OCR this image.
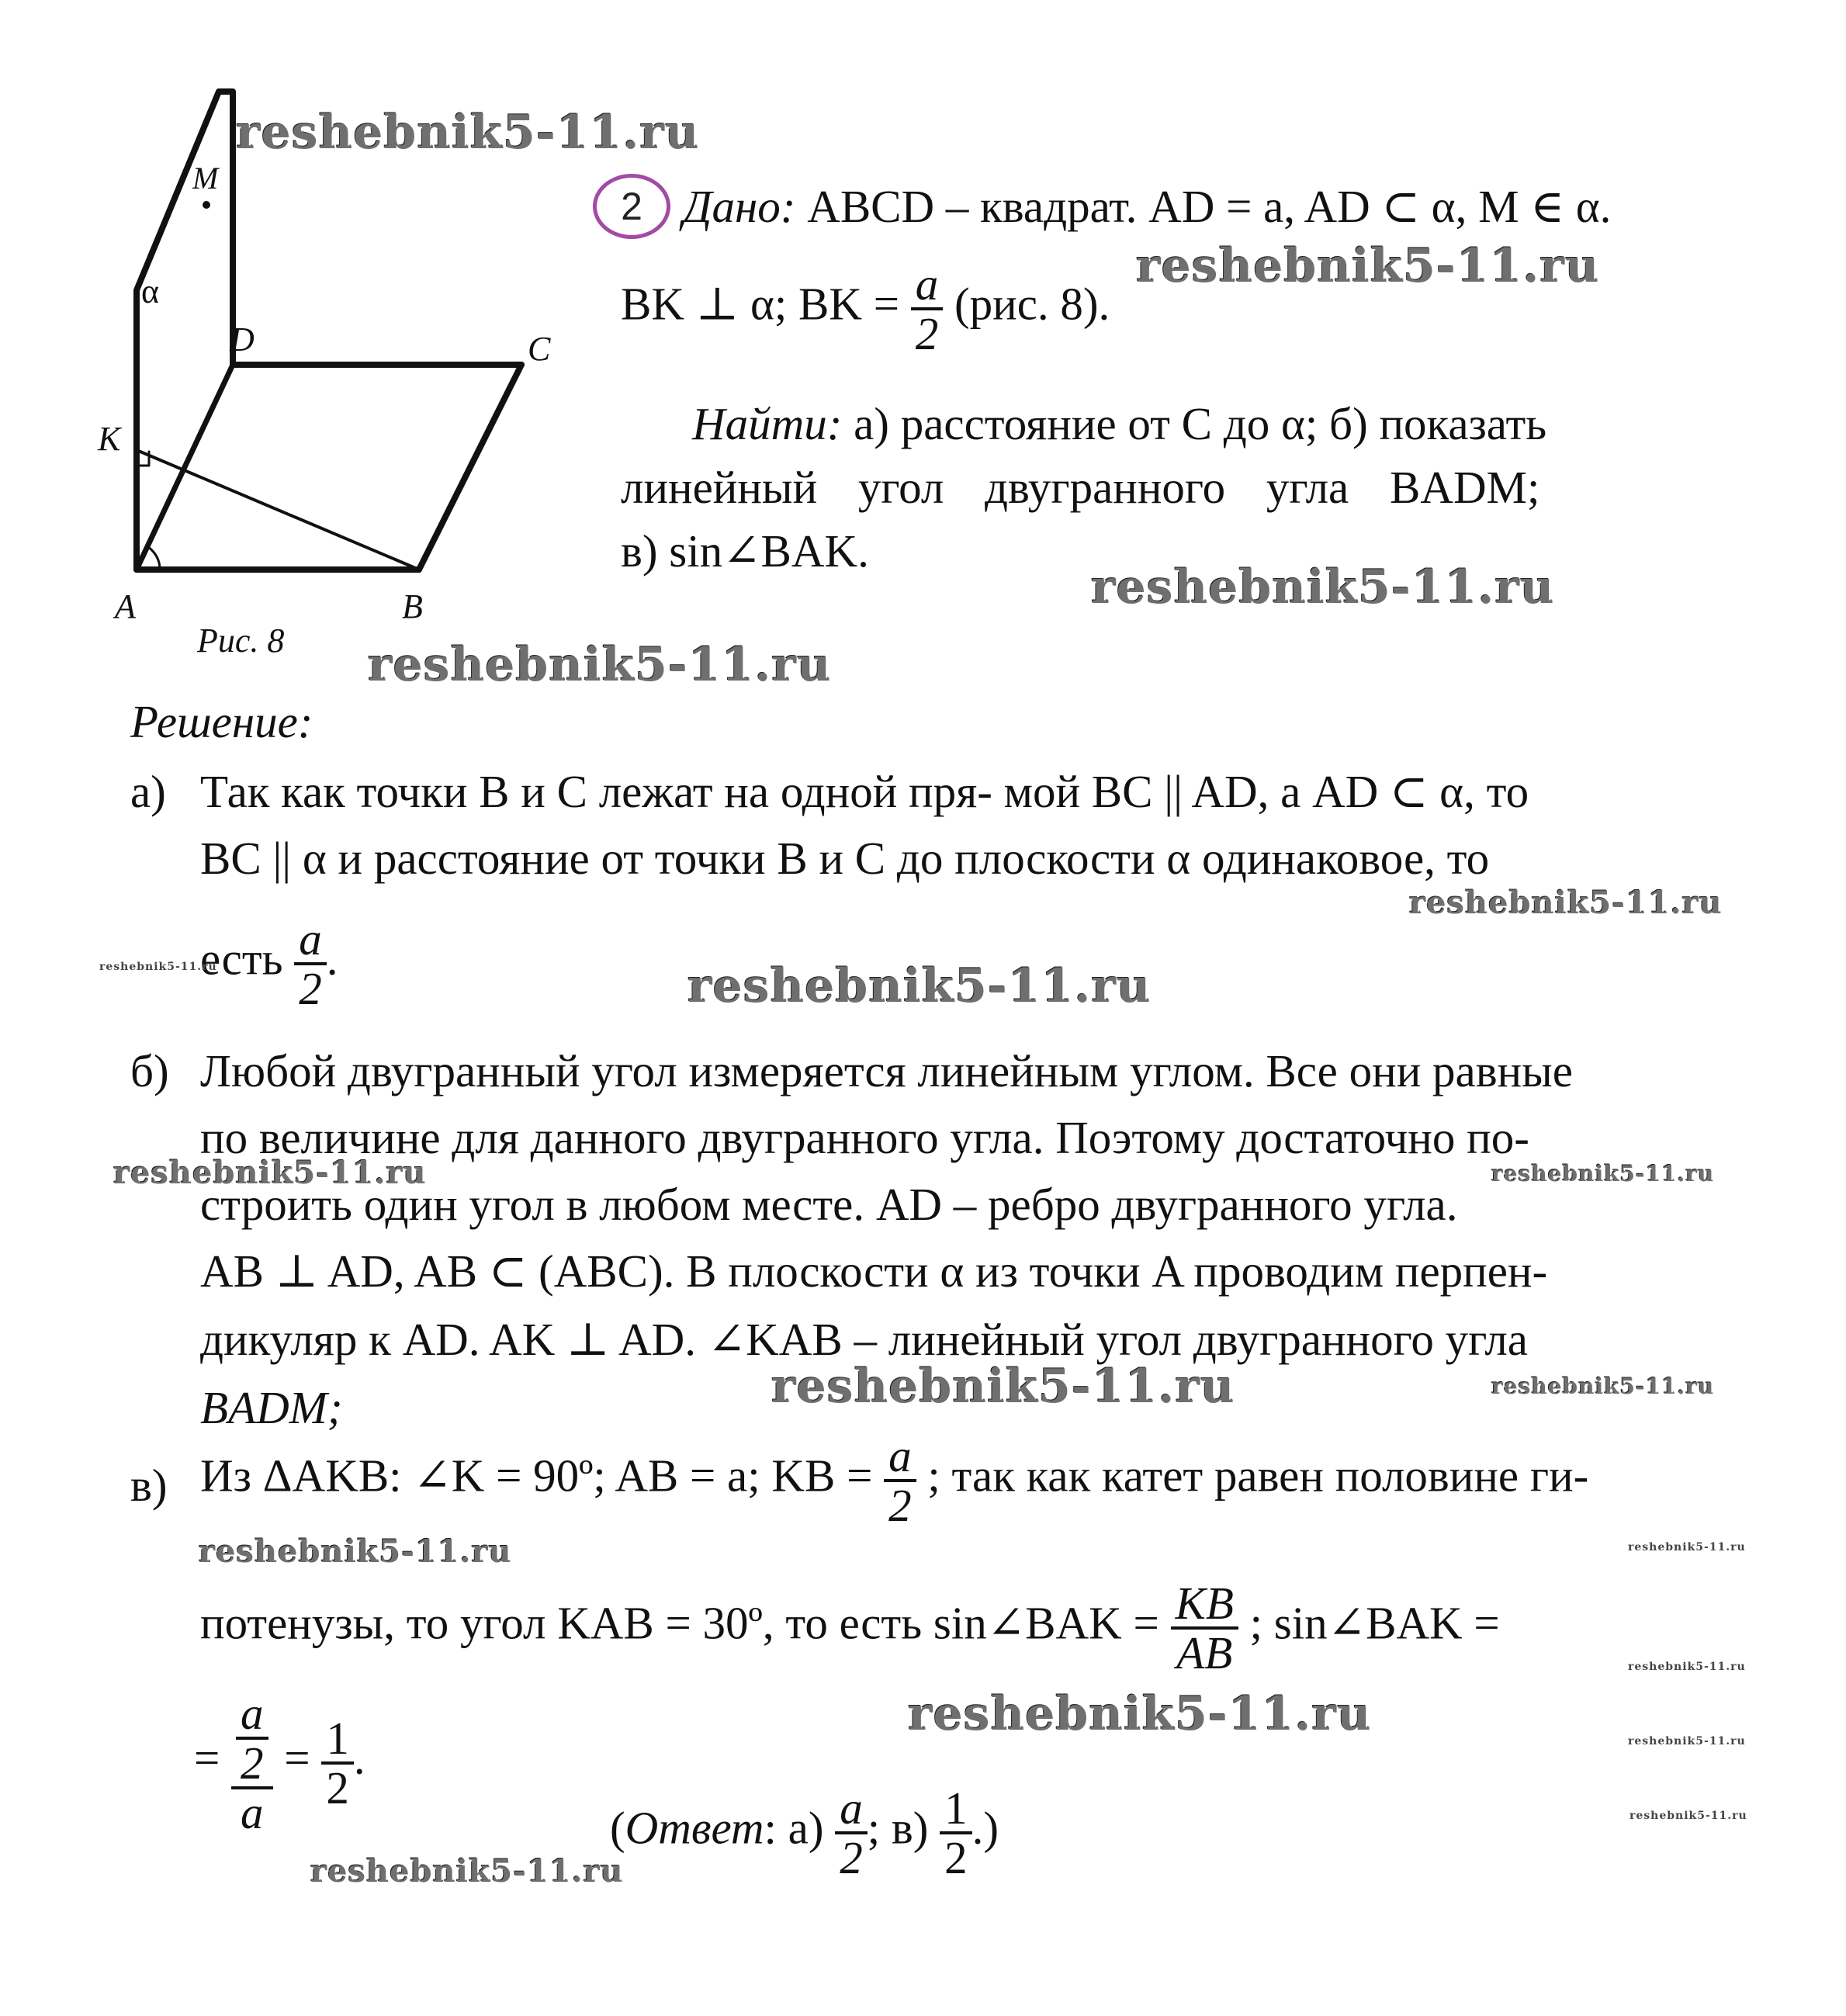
M
α
D	C
K
A	B
Рис. 8
2 Дано: ABCD – квадрат. AD = a, AD ⊂ α, M ∈ α.
BK ⊥ α; BK = $\frac{a}{2} (рис$. 8).
Найти: а) расстояние от C до α; б) показать
линейный угол двугранного угла BADM;
в) sin∠BAK.
Решение:
а) Так как точки B и C лежат на одной пря- мой BC || AD, а AD ⊂ α, то
BC || α и расстояние от точки B и C до плоскости α одинаковое, то
есть $\frac{a}{2}$ .
б) Любой двугранный угол измеряется линейным углом. Все они равные
по величине для данного двугранного угла. Поэтому достаточно по-
строить один угол в любом месте. AD – ребро двугранного угла.
AB ⊥ AD, AB ⊂ (ABC). В плоскости α из точки A проводим перпен-
дикуляр к AD. AK ⊥ AD. ∠KAB – линейный угол двугранного угла
BADM;
в) Из ΔAKB: ∠K = 90º; AB = a; KB = $\frac{a}{2}$ ; так как катет равен половине ги-
потенузы, то угол KAB = 30º, то есть sin∠BAK = $\frac{KB}{AB}$ ; sin∠BAK =
= $\frac{\frac{a}{2}}{a} = \frac{1}{2}$ .
(Ответ: $а) \frac{a}{2}$ ; $в) \frac{1}{2}$ .)
reshebnik5-11.ru
reshebnik5-11.ru
reshebnik5-11.ru
reshebnik5-11.ru
reshebnik5-11.ru
reshebnik5-11.ru	reshebnik5-11.ru
reshebnik5-11.ru	reshebnik5-11.ru
reshebnik5-11.ru	reshebnik5-11.ru
reshebnik5-11.ru	reshebnik5-11.ru
reshebnik5-11.ru
reshebnik5-11.ru	reshebnik5-11.ru
reshebnik5-11.ru
reshebnik5-11.ru
